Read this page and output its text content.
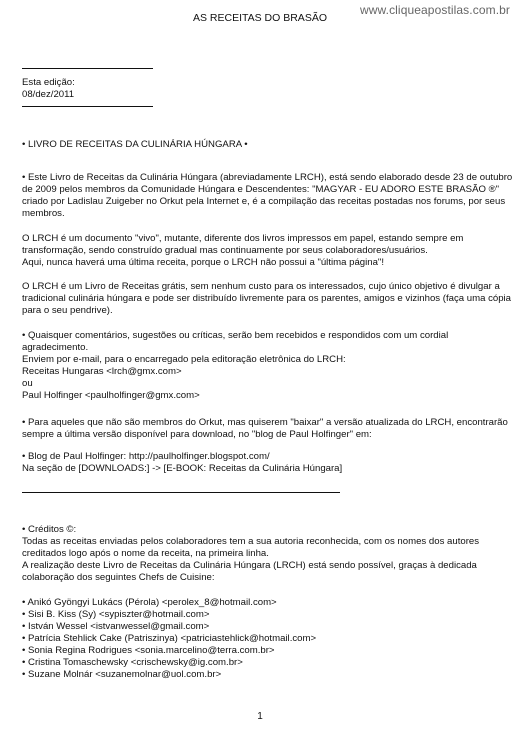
www.cliqueapostilas.com.br
AS RECEITAS DO BRASÃO
Esta edição:
08/dez/2011
• LIVRO DE RECEITAS DA CULINÁRIA HÚNGARA •
• Este Livro de Receitas da Culinária Húngara (abreviadamente LRCH), está sendo elaborado desde 23 de outubro
de 2009 pelos membros da Comunidade Húngara e Descendentes: "MAGYAR - EU ADORO ESTE BRASÃO ®"
criado por Ladislau Zuigeber no Orkut pela Internet e, é a compilação das receitas postadas nos forums, por seus
membros.
O LRCH é um documento "vivo", mutante, diferente dos livros impressos em papel, estando sempre em
transformação, sendo construído gradual mas continuamente por seus colaboradores/usuários.
Aqui, nunca haverá uma última receita, porque o LRCH não possui a "última página"!
O LRCH é um Livro de Receitas grátis, sem nenhum custo para os interessados, cujo único objetivo é divulgar a
tradicional culinária húngara e pode ser distribuído livremente para os parentes, amigos e vizinhos (faça uma cópia
para o seu pendrive).
• Quaisquer comentários, sugestões ou críticas, serão bem recebidos e respondidos com um cordial
agradecimento.
Enviem por e-mail, para o encarregado pela editoração eletrônica do LRCH:
Receitas Hungaras <lrch@gmx.com>
ou
Paul Holfinger <paulholfinger@gmx.com>
• Para aqueles que não são membros do Orkut, mas quiserem "baixar" a versão atualizada do LRCH, encontrarão
sempre a última versão disponível para download, no "blog de Paul Holfinger" em:
• Blog de Paul Holfinger: http://paulholfinger.blogspot.com/
Na seção de [DOWNLOADS:] -> [E-BOOK: Receitas da Culinária Húngara]
• Créditos ©:
Todas as receitas enviadas pelos colaboradores tem a sua autoria reconhecida, com os nomes dos autores
creditados logo após o nome da receita, na primeira linha.
A realização deste Livro de Receitas da Culinária Húngara (LRCH) está sendo possível, graças à dedicada
colaboração dos seguintes Chefs de Cuisine:
• Anikó Gyöngyi Lukács (Pérola) <perolex_8@hotmail.com>
• Sisi B. Kiss (Sy) <sypiszter@hotmail.com>
• István Wessel <istvanwessel@gmail.com>
• Patrícia Stehlick Cake (Patriszinya) <patriciastehlick@hotmail.com>
• Sonia Regina Rodrigues <sonia.marcelino@terra.com.br>
• Cristina Tomaschewsky <crischewsky@ig.com.br>
• Suzane Molnár <suzanemolnar@uol.com.br>
1
